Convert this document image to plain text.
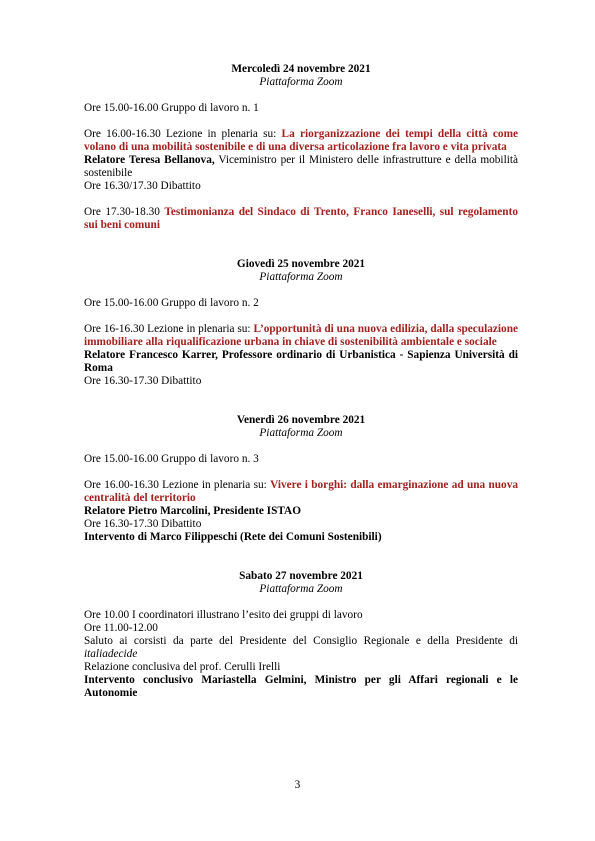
Mercoledì 24 novembre 2021
Piattaforma Zoom

Ore 15.00-16.00 Gruppo di lavoro n. 1

Ore 16.00-16.30 Lezione in plenaria su: La riorganizzazione dei tempi della città come volano di una mobilità sostenibile e di una diversa articolazione fra lavoro e vita privata

Relatore Teresa Bellanova, Viceministro per il Ministero delle infrastrutture e della mobilità sostenibile

Ore 16.30/17.30 Dibattito

Ore 17.30-18.30 Testimonianza del Sindaco di Trento, Franco Ianeselli, sul regolamento sui beni comuni

Giovedì 25 novembre 2021
Piattaforma Zoom

Ore 15.00-16.00 Gruppo di lavoro n. 2

Ore 16-16.30 Lezione in plenaria su: L’opportunità di una nuova edilizia, dalla speculazione immobiliare alla riqualificazione urbana in chiave di sostenibilità ambientale e sociale

Relatore Francesco Karrer, Professore ordinario di Urbanistica - Sapienza Università di Roma

Ore 16.30-17.30 Dibattito

Venerdì 26 novembre 2021
Piattaforma Zoom

Ore 15.00-16.00 Gruppo di lavoro n. 3

Ore 16.00-16.30 Lezione in plenaria su: Vivere i borghi: dalla emarginazione ad una nuova centralità del territorio

Relatore Pietro Marcolini, Presidente ISTAO

Ore 16.30-17.30 Dibattito

Intervento di Marco Filippeschi (Rete dei Comuni Sostenibili)

Sabato 27 novembre 2021
Piattaforma Zoom

Ore 10.00 I coordinatori illustrano l’esito dei gruppi di lavoro

Ore 11.00-12.00

Saluto ai corsisti da parte del Presidente del Consiglio Regionale e della Presidente di italiadecide

Relazione conclusiva del prof. Cerulli Irelli

Intervento conclusivo Mariastella Gelmini, Ministro per gli Affari regionali e le Autonomie

3
